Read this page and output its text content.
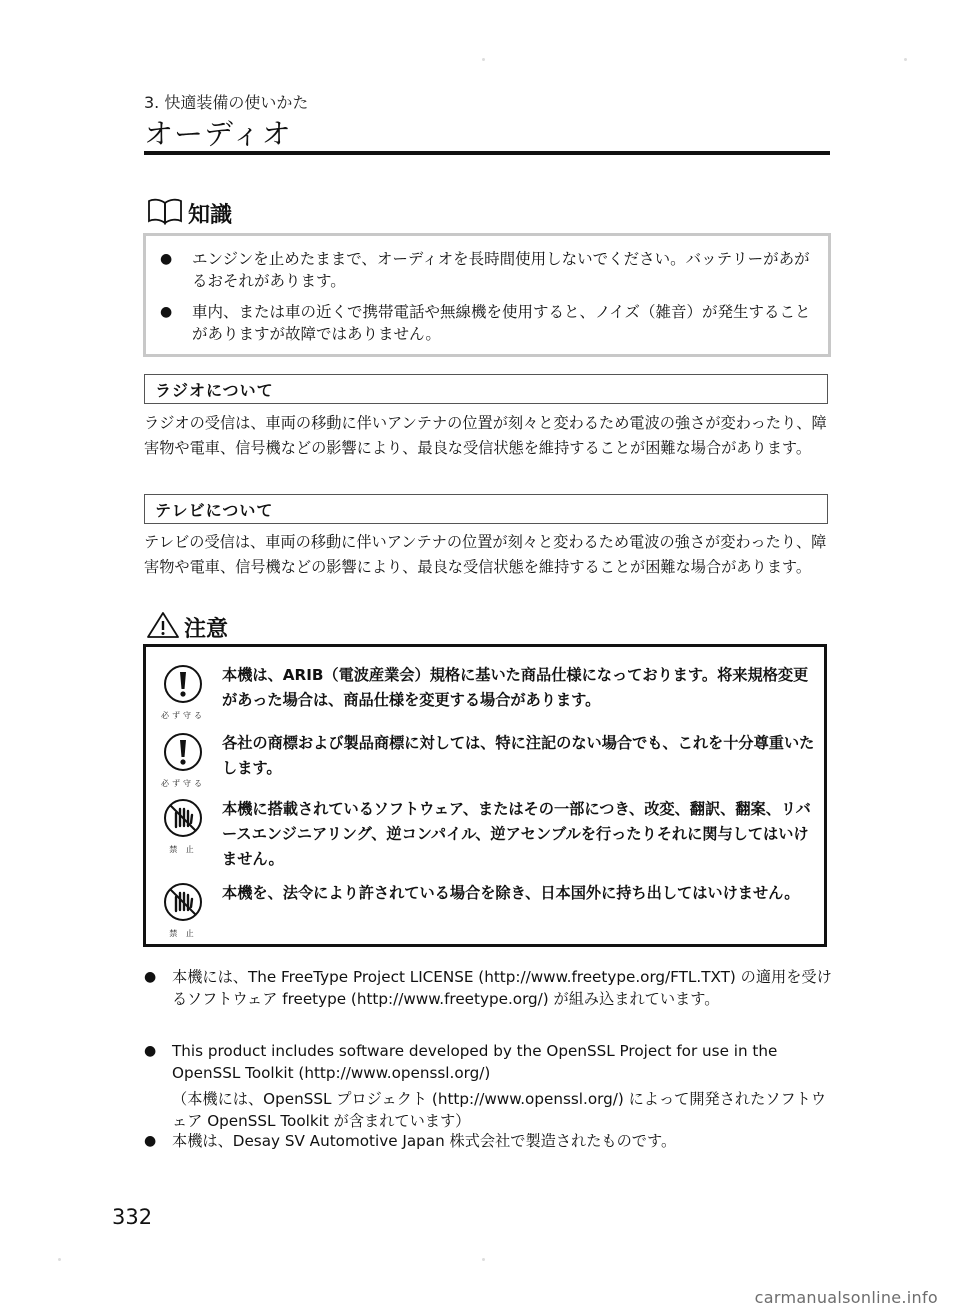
3. 快適装備の使いかた
オーディオ
知識
● エンジンを止めたままで、オーディオを長時間使用しないでください。バッテリーがあがるおそれがあります。
● 車内、または車の近くで携帯電話や無線機を使用すると、ノイズ（雑音）が発生することがありますが故障ではありません。
ラジオについて
ラジオの受信は、車両の移動に伴いアンテナの位置が刻々と変わるため電波の強さが変わったり、障害物や電車、信号機などの影響により、最良な受信状態を維持することが困難な場合があります。
テレビについて
テレビの受信は、車両の移動に伴いアンテナの位置が刻々と変わるため電波の強さが変わったり、障害物や電車、信号機などの影響により、最良な受信状態を維持することが困難な場合があります。
注意
必ず守る
本機は、ARIB（電波産業会）規格に基いた商品仕様になっております。将来規格変更があった場合は、商品仕様を変更する場合があります。
必ず守る
各社の商標および製品商標に対しては、特に注記のない場合でも、これを十分尊重いたします。
禁 止
本機に搭載されているソフトウェア、またはその一部につき、改変、翻訳、翻案、リバースエンジニアリング、逆コンパイル、逆アセンブルを行ったりそれに関与してはいけません。
禁 止
本機を、法令により許されている場合を除き、日本国外に持ち出してはいけません。
● 本機には、The FreeType Project LICENSE (http://www.freetype.org/FTL.TXT) の適用を受けるソフトウェア freetype (http://www.freetype.org/) が組み込まれています。
● This product includes software developed by the OpenSSL Project for use in the OpenSSL Toolkit (http://www.openssl.org/)
（本機には、OpenSSL プロジェクト (http://www.openssl.org/) によって開発されたソフトウェア OpenSSL Toolkit が含まれています）
● 本機は、Desay SV Automotive Japan 株式会社で製造されたものです。
332
carmanualsonline.info
